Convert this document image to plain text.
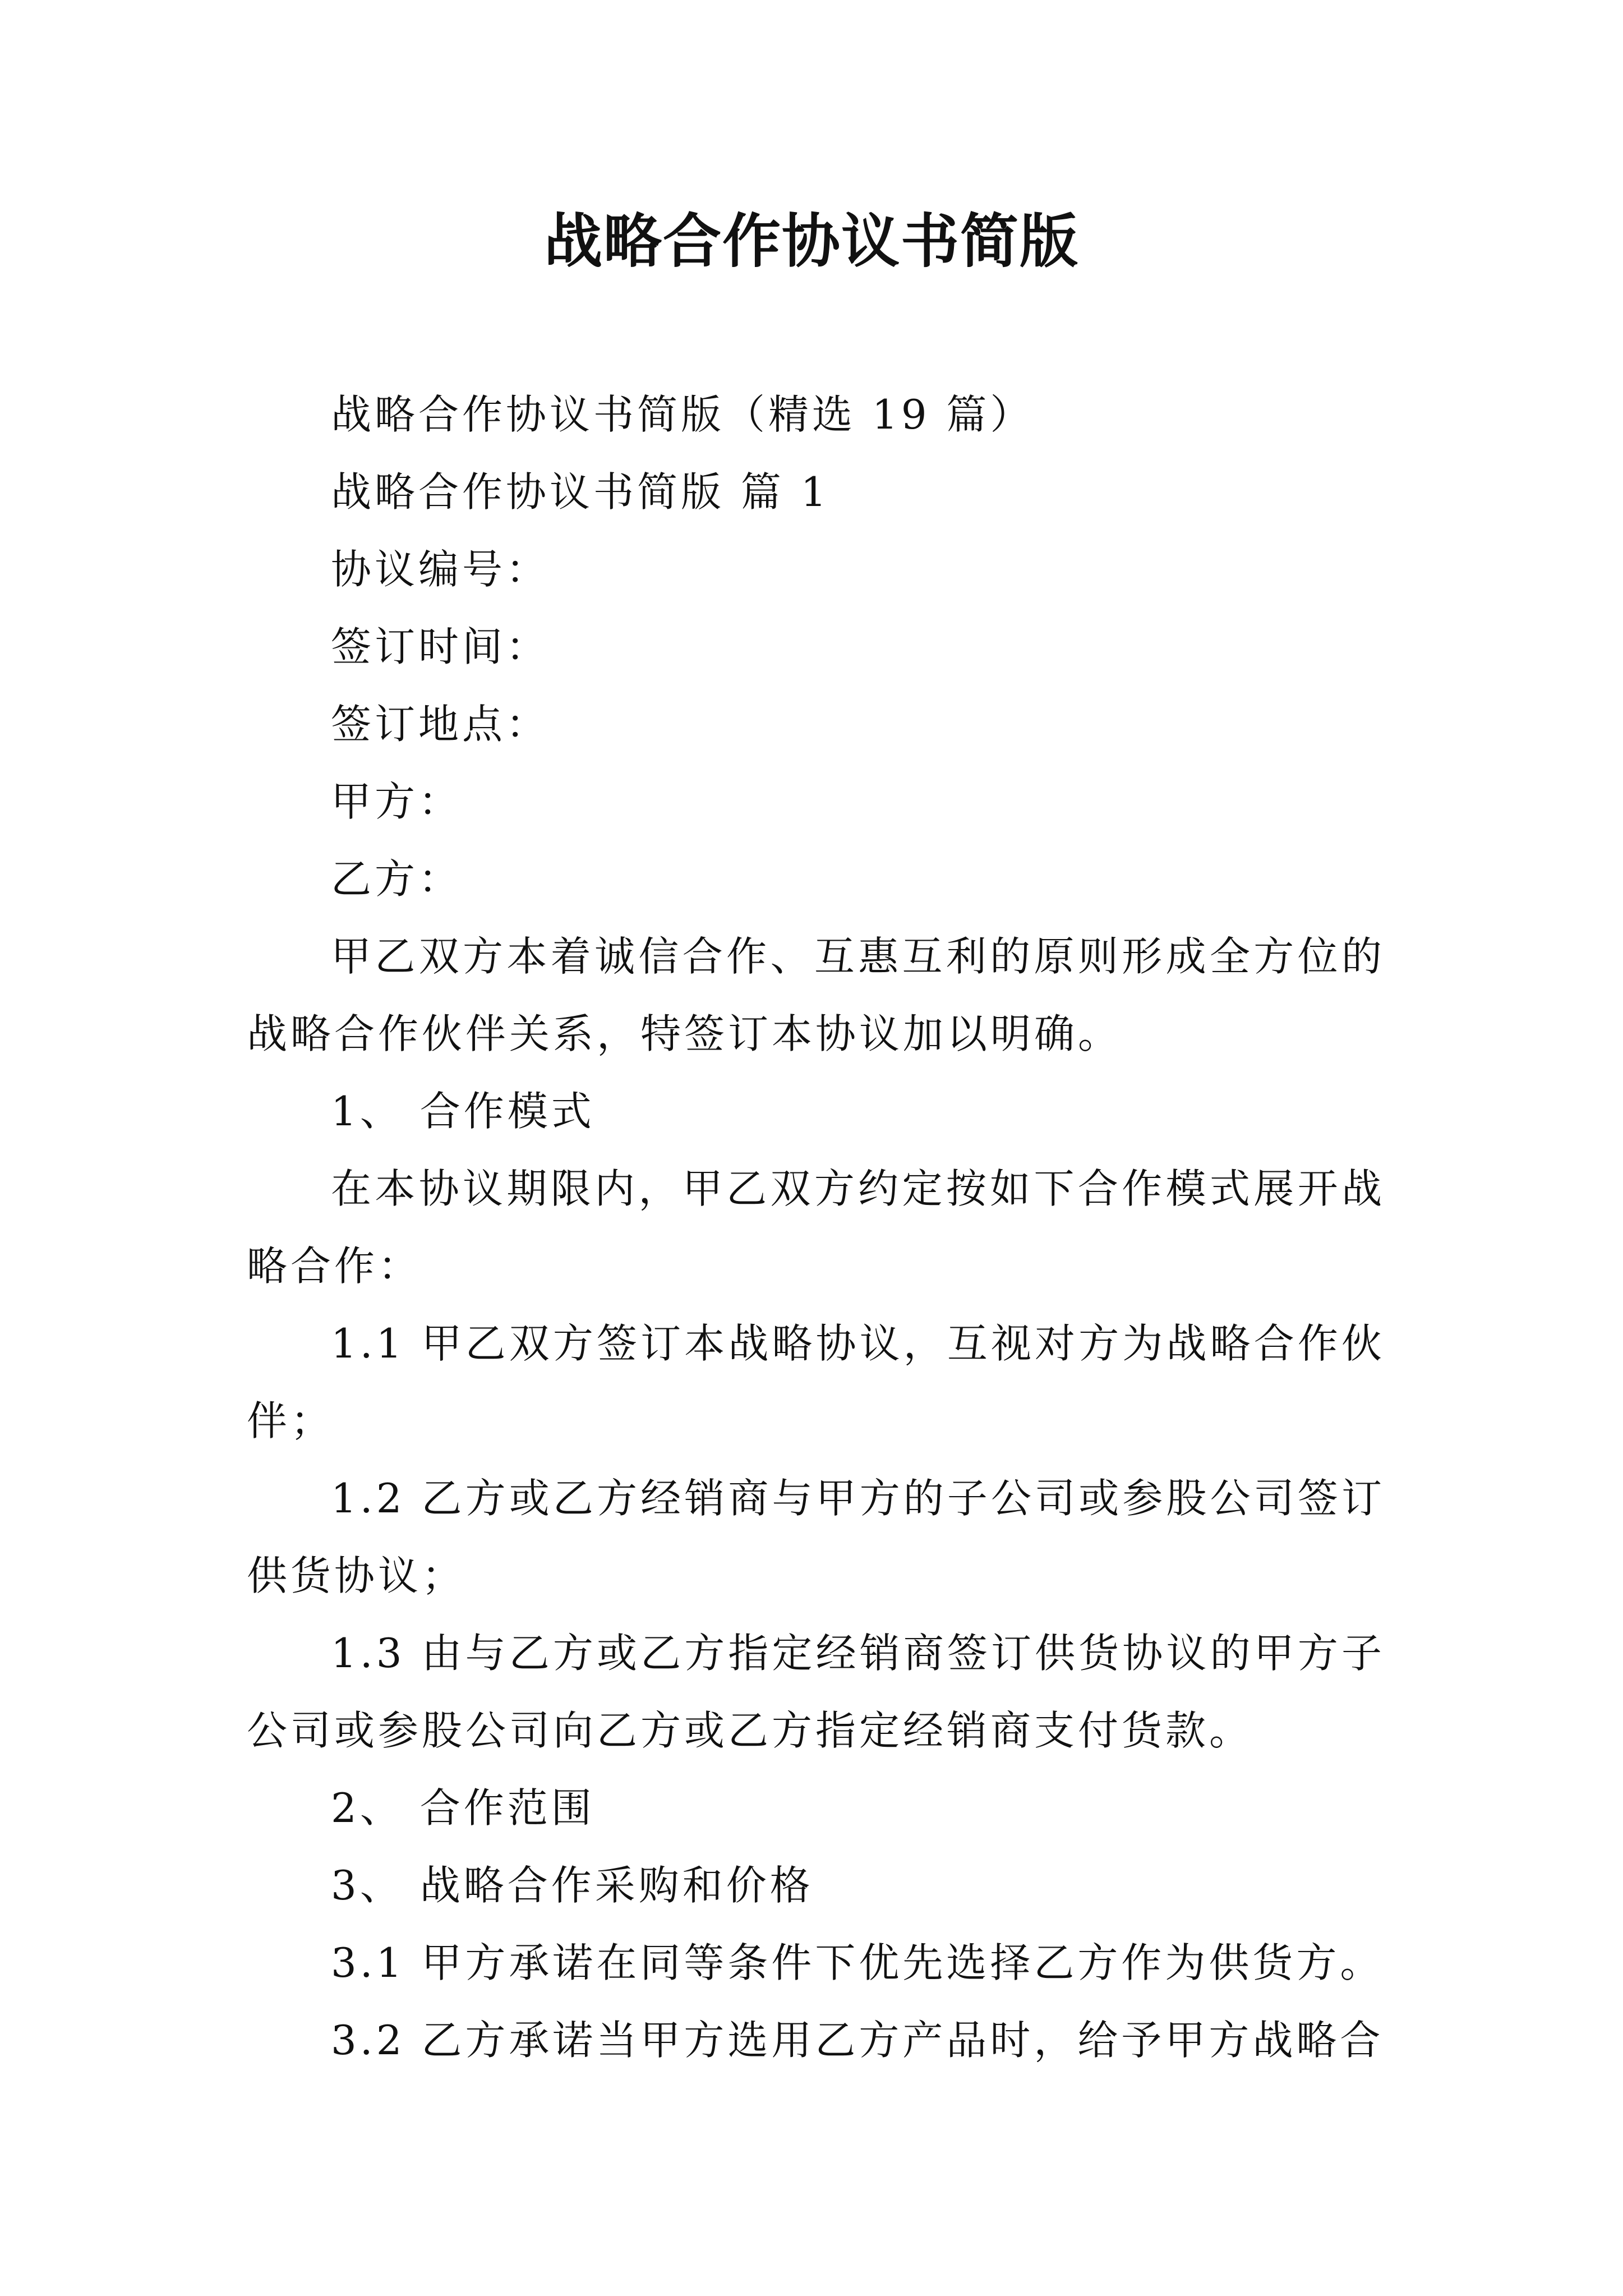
战略合作协议书简版
战略合作协议书简版（精选 19 篇）
战略合作协议书简版 篇 1
协议编号：
签订时间：
签订地点：
甲方：
乙方：
甲乙双方本着诚信合作、互惠互利的原则形成全方位的战略合作伙伴关系，特签订本协议加以明确。
1、 合作模式
在本协议期限内，甲乙双方约定按如下合作模式展开战略合作：
1.1 甲乙双方签订本战略协议，互视对方为战略合作伙伴；
1.2 乙方或乙方经销商与甲方的子公司或参股公司签订供货协议；
1.3 由与乙方或乙方指定经销商签订供货协议的甲方子公司或参股公司向乙方或乙方指定经销商支付货款。
2、 合作范围
3、 战略合作采购和价格
3.1 甲方承诺在同等条件下优先选择乙方作为供货方。
3.2 乙方承诺当甲方选用乙方产品时，给予甲方战略合
